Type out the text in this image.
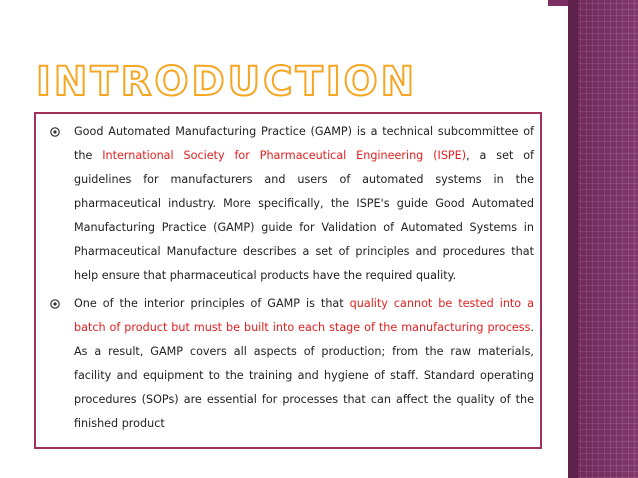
INTRODUCTION
Good Automated Manufacturing Practice (GAMP) is a technical subcommittee of the International Society for Pharmaceutical Engineering (ISPE), a set of guidelines for manufacturers and users of automated systems in the pharmaceutical industry. More specifically, the ISPE's guide Good Automated Manufacturing Practice (GAMP) guide for Validation of Automated Systems in Pharmaceutical Manufacture describes a set of principles and procedures that help ensure that pharmaceutical products have the required quality.
One of the interior principles of GAMP is that quality cannot be tested into a batch of product but must be built into each stage of the manufacturing process. As a result, GAMP covers all aspects of production; from the raw materials, facility and equipment to the training and hygiene of staff. Standard operating procedures (SOPs) are essential for processes that can affect the quality of the finished product
